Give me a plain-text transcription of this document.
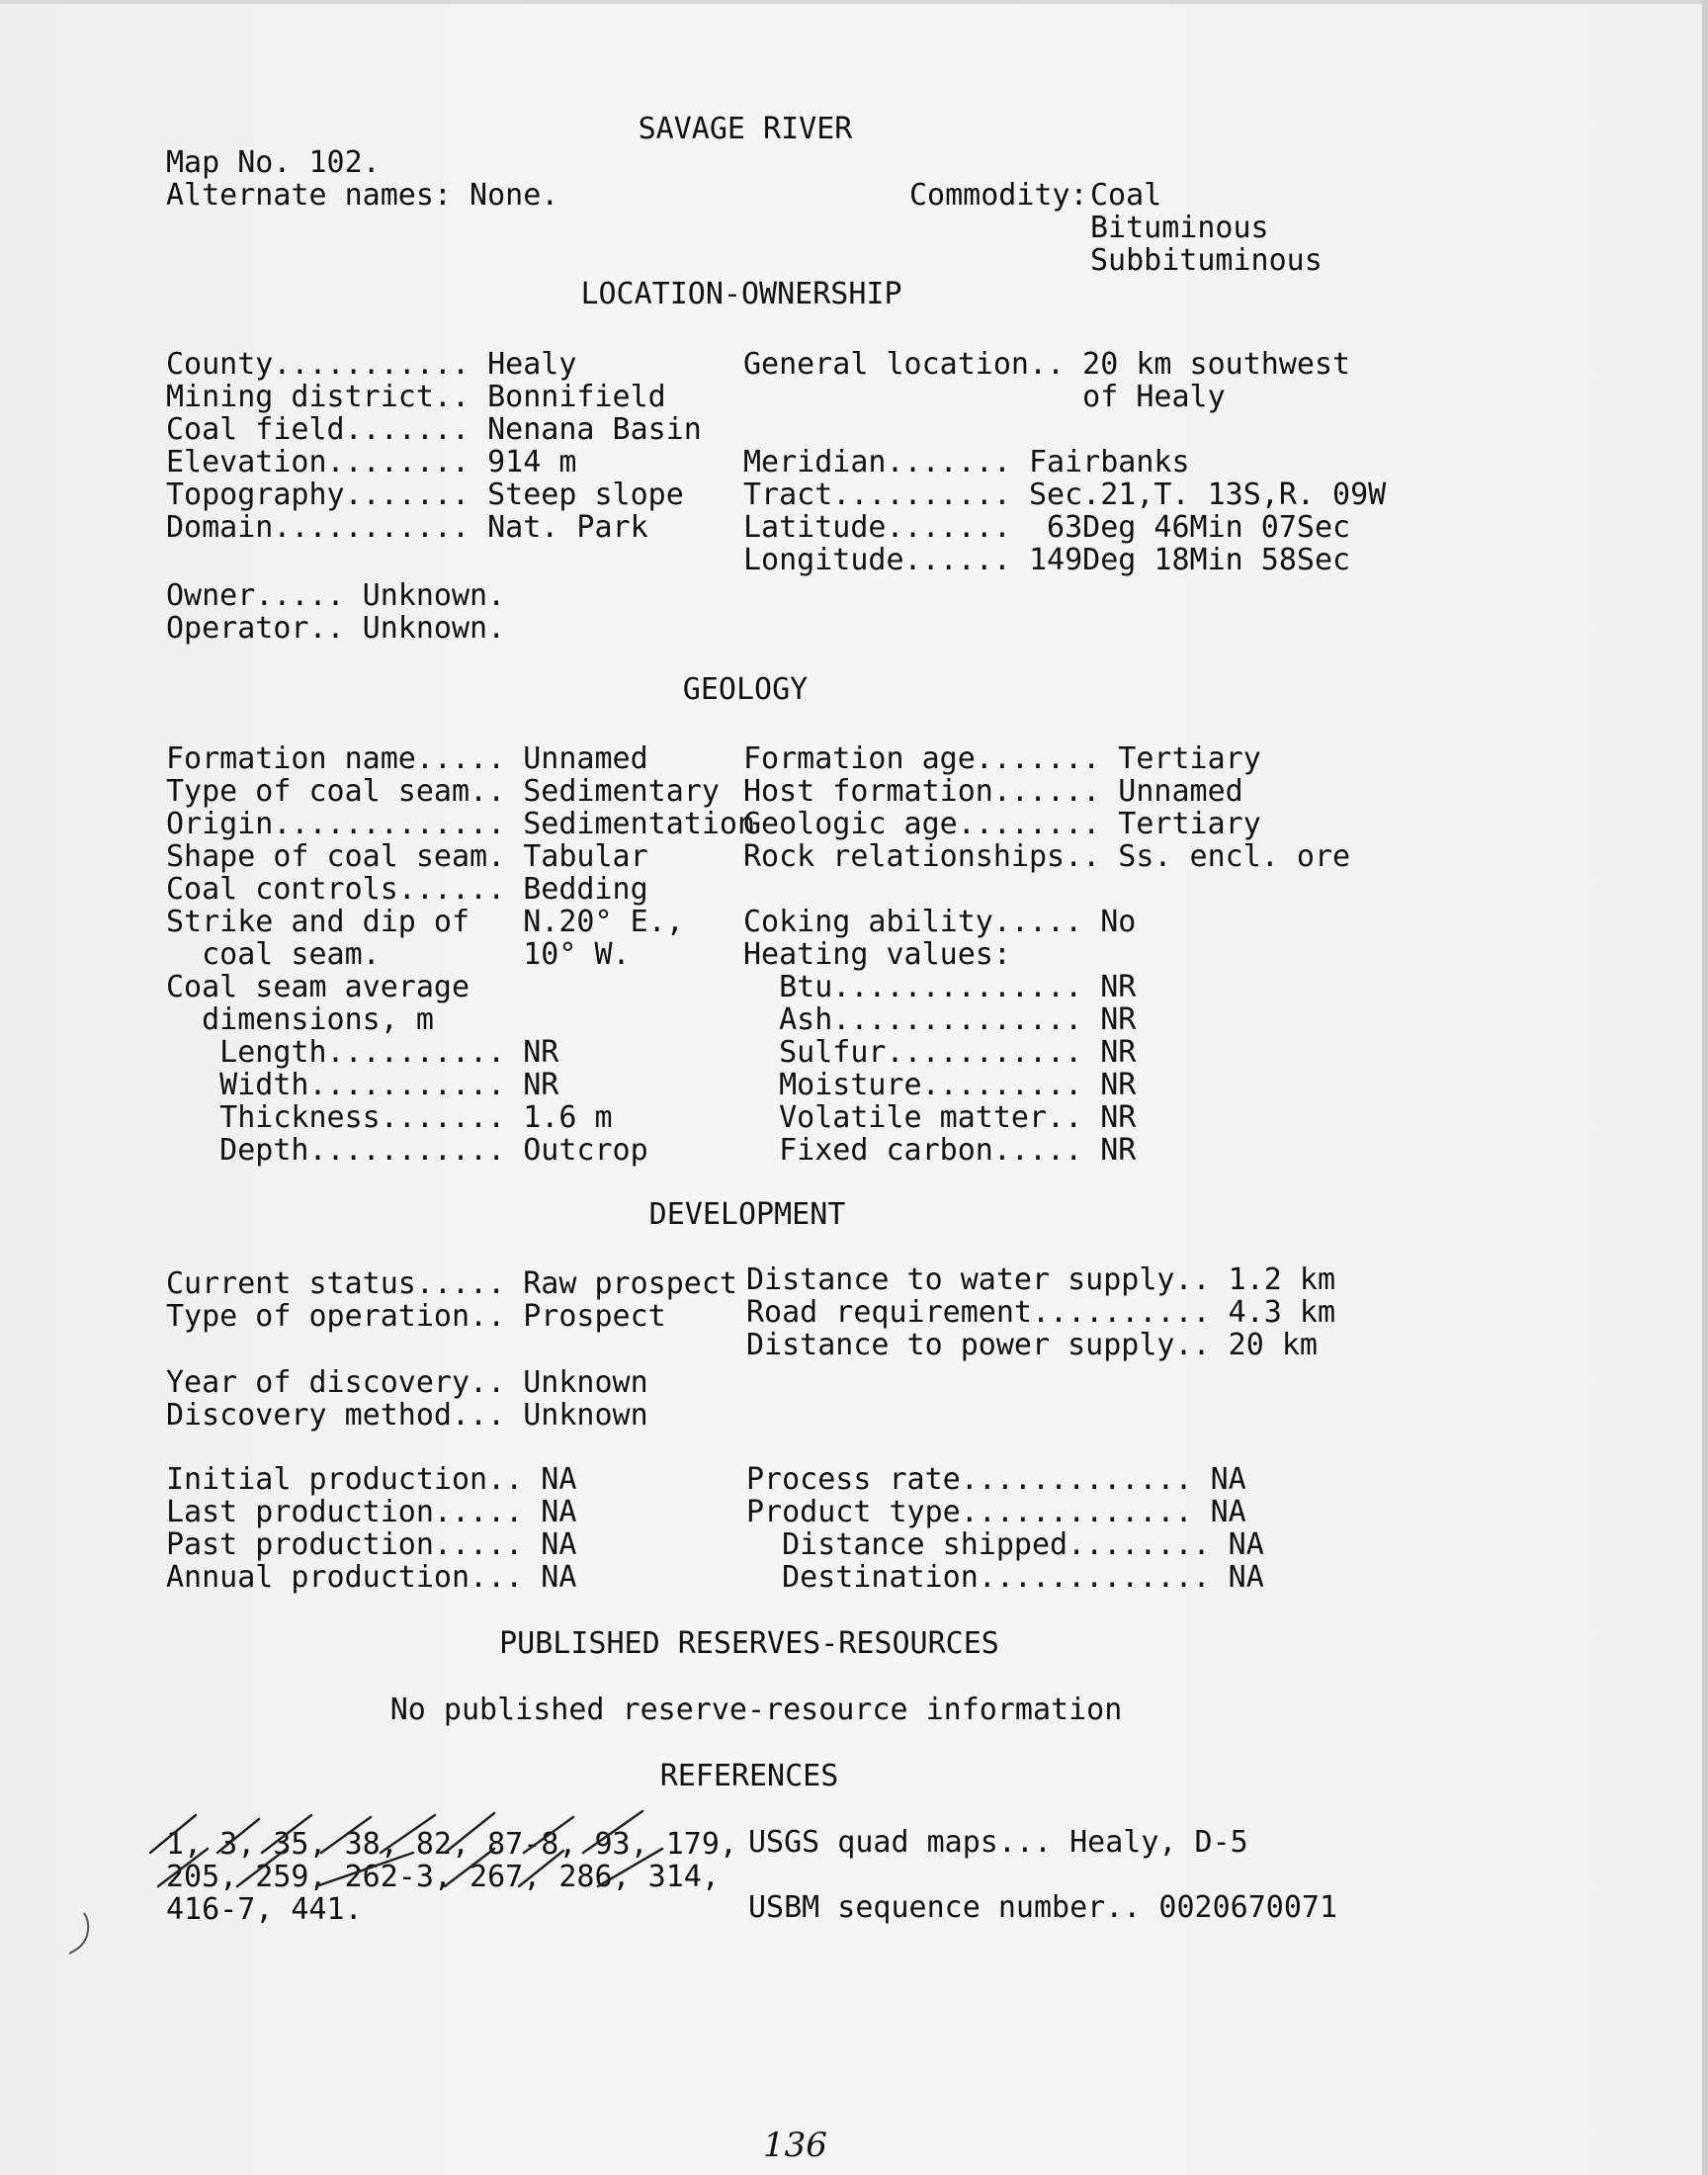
SAVAGE RIVER
Map No. 102.
Alternate names: None.	Commodity: Coal
Bituminous
Subbituminous
LOCATION-OWNERSHIP
County........... Healy
Mining district.. Bonnifield
Coal field....... Nenana Basin
Elevation........ 914 m
Topography....... Steep slope
Domain........... Nat. Park
General location.. 20 km southwest
of Healy
Meridian....... Fairbanks
Tract.......... Sec.21,T. 13S,R. 09W
Latitude.......  63Deg 46Min 07Sec
Longitude...... 149Deg 18Min 58Sec
Owner..... Unknown.
Operator.. Unknown.
GEOLOGY
Formation name..... Unnamed
Type of coal seam.. Sedimentary
Origin............. Sedimentation
Shape of coal seam. Tabular
Coal controls...... Bedding
Strike and dip of   N.20° E.,
coal seam.        10° W.
Coal seam average
dimensions, m
Length.......... NR
Width........... NR
Thickness....... 1.6 m
Depth........... Outcrop
Formation age....... Tertiary
Host formation...... Unnamed
Geologic age........ Tertiary
Rock relationships.. Ss. encl. ore
Coking ability..... No
Heating values:
Btu.............. NR
Ash.............. NR
Sulfur........... NR
Moisture......... NR
Volatile matter.. NR
Fixed carbon..... NR
DEVELOPMENT
Current status..... Raw prospect
Type of operation.. Prospect
Year of discovery.. Unknown
Discovery method... Unknown
Distance to water supply.. 1.2 km
Road requirement.......... 4.3 km
Distance to power supply.. 20 km
Initial production.. NA
Last production..... NA
Past production..... NA
Annual production... NA
Process rate............. NA
Product type............. NA
Distance shipped........ NA
Destination............. NA
PUBLISHED RESERVES-RESOURCES
No published reserve-resource information
REFERENCES
1, 3, 35, 38, 82, 87-8, 93, 179,
205, 259, 262-3, 267, 286, 314,
416-7, 441.
USGS quad maps... Healy, D-5
USBM sequence number.. 0020670071
136
